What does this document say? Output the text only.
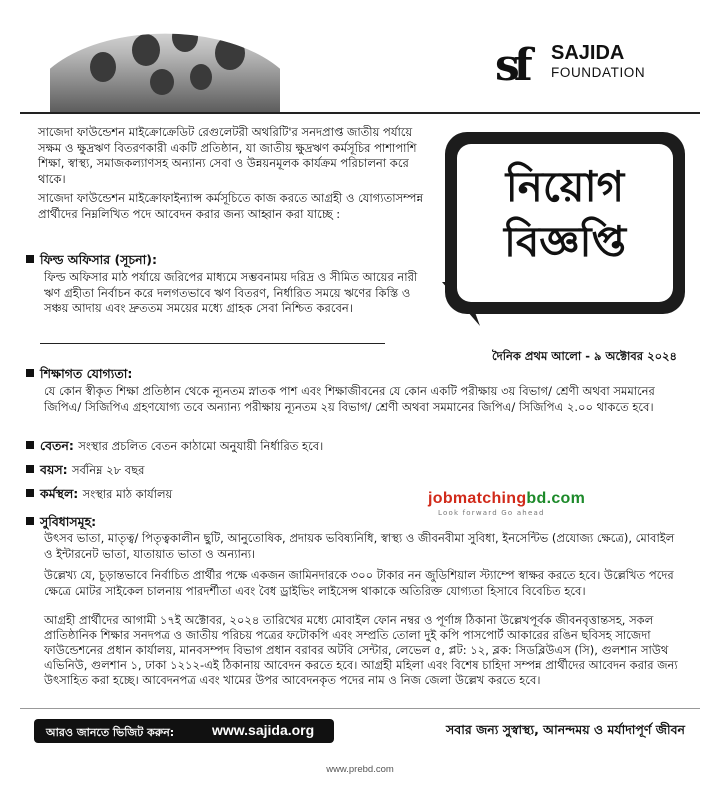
sf SAJIDA
FOUNDATION

সাজেদা ফাউন্ডেশন মাইক্রোক্রেডিট রেগুলেটরী অথরিটি'র সনদপ্রাপ্ত জাতীয় পর্যায়ে সক্ষম ও ক্ষুদ্রঋণ বিতরণকারী একটি প্রতিষ্ঠান, যা জাতীয় ক্ষুদ্রঋণ কর্মসূচির পাশাপাশি শিক্ষা, স্বাস্থ্য, সমাজকল্যাণসহ অন্যান্য সেবা ও উন্নয়নমূলক কার্যক্রম পরিচালনা করে থাকে।

সাজেদা ফাউন্ডেশন মাইক্রোফাইন্যান্স কর্মসূচিতে কাজ করতে আগ্রহী ও যোগ্যতাসম্পন্ন প্রার্থীদের নিম্নলিখিত পদে আবেদন করার জন্য আহ্বান করা যাচ্ছে :

ফিল্ড অফিসার (সূচনা):
ফিল্ড অফিসার মাঠ পর্যায়ে জরিপের মাধ্যমে সম্ভবনাময় দরিদ্র ও সীমিত আয়ের নারী ঋণ গ্রহীতা নির্বাচন করে দলগতভাবে ঋণ বিতরণ, নির্ধারিত সময়ে ঋণের কিস্তি ও সঞ্চয় আদায় এবং দ্রুততম সময়ের মধ্যে গ্রাহক সেবা নিশ্চিত করবেন।
নিয়োগ
বিজ্ঞপ্তি
দৈনিক প্রথম আলো - ৯ অক্টোবর ২০২৪
শিক্ষাগত যোগ্যতা:
যে কোন স্বীকৃত শিক্ষা প্রতিষ্ঠান থেকে ন্যূনতম স্নাতক পাশ এবং শিক্ষাজীবনের যে কোন একটি পরীক্ষায় ৩য় বিভাগ/ শ্রেণী অথবা সমমানের জিপিএ/ সিজিপিএ গ্রহণযোগ্য তবে অন্যান্য পরীক্ষায় ন্যূনতম ২য় বিভাগ/ শ্রেণী অথবা সমমানের জিপিএ/ সিজিপিএ ২.০০ থাকতে হবে।
বেতন: সংস্থার প্রচলিত বেতন কাঠামো অনুযায়ী নির্ধারিত হবে।
বয়স: সর্বনিম্ন ২৮ বছর
কর্মস্থল: সংস্থার মাঠ কার্যালয়	jobmatchingbd.com
Look forward Go ahead
সুবিধাসমূহ:
উৎসব ভাতা, মাতৃত্ব/ পিতৃত্বকালীন ছুটি, আনুতোষিক, প্রদায়ক ভবিষ্যনিধি, স্বাস্থ্য ও জীবনবীমা সুবিধা, ইনসেন্টিভ (প্রযোজ্য ক্ষেত্রে), মোবাইল ও ইন্টারনেট ভাতা, যাতায়াত ভাতা ও অন্যান্য।
উল্লেখ্য যে, চূড়ান্তভাবে নির্বাচিত প্রার্থীর পক্ষে একজন জামিনদারকে ৩০০ টাকার নন জুডিশিয়াল স্ট্যাম্পে স্বাক্ষর করতে হবে। উল্লেখিত পদের ক্ষেত্রে মোটর সাইকেল চালনায় পারদর্শীতা এবং বৈধ ড্রাইভিং লাইসেন্স থাকাকে অতিরিক্ত যোগ্যতা হিসাবে বিবেচিত হবে।
আগ্রহী প্রার্থীদের আগামী ১৭ই অক্টোবর, ২০২৪ তারিখের মধ্যে মোবাইল ফোন নম্বর ও পূর্ণাঙ্গ ঠিকানা উল্লেখপূর্বক জীবনবৃত্তান্তসহ, সকল প্রাতিষ্ঠানিক শিক্ষার সনদপত্র ও জাতীয় পরিচয় পত্রের ফটোকপি এবং সম্প্রতি তোলা দুই কপি পাসপোর্ট আকারের রঙিন ছবিসহ সাজেদা ফাউন্ডেশনের প্রধান কার্যালয়, মানবসম্পদ বিভাগ প্রধান বরাবর অটবি সেন্টার, লেভেল ৫, প্লট: ১২, ব্লক: সিডব্লিউএস (সি), গুলশান সাউথ এভিনিউ, গুলশান ১, ঢাকা ১২১২-এই ঠিকানায় আবেদন করতে হবে। আগ্রহী মহিলা এবং বিশেষ চাহিদা সম্পন্ন প্রার্থীদের আবেদন করার জন্য উৎসাহিত করা হচ্ছে। আবেদনপত্র এবং খামের উপর আবেদনকৃত পদের নাম ও নিজ জেলা উল্লেখ করতে হবে।
আরও জানতে ভিজিট করুন:	www.sajida.org	সবার জন্য সুস্বাস্থ্য, আনন্দময় ও মর্যাদাপূর্ণ জীবন
www.prebd.com
